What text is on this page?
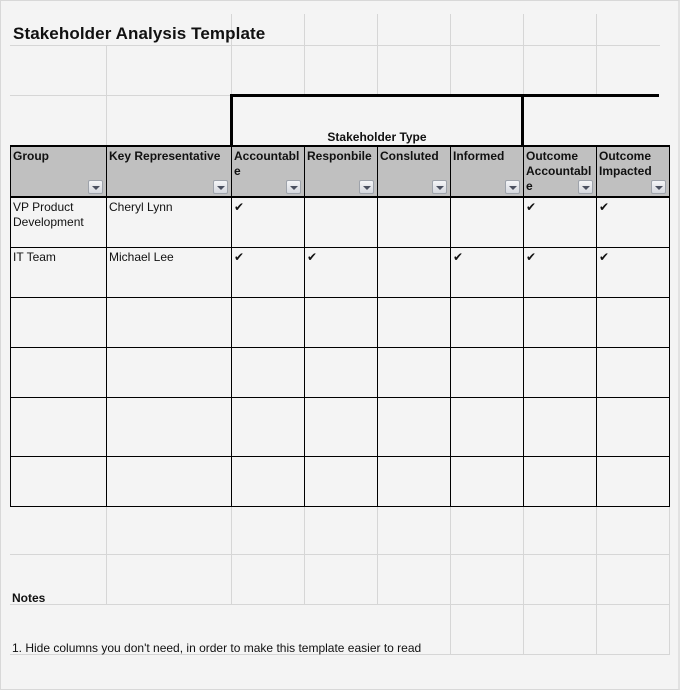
Stakeholder Analysis Template
Stakeholder Type
Group	Key Representative	Accountabl e	Responbile	Consluted	Informed	Outcome Accountabl e	Outcome Impacted

VP Product Development	Cheryl Lynn	✔				✔	✔
IT Team	Michael Lee	✔	✔		✔	✔	✔

Notes
1. Hide columns you don't need, in order to make this template easier to read
